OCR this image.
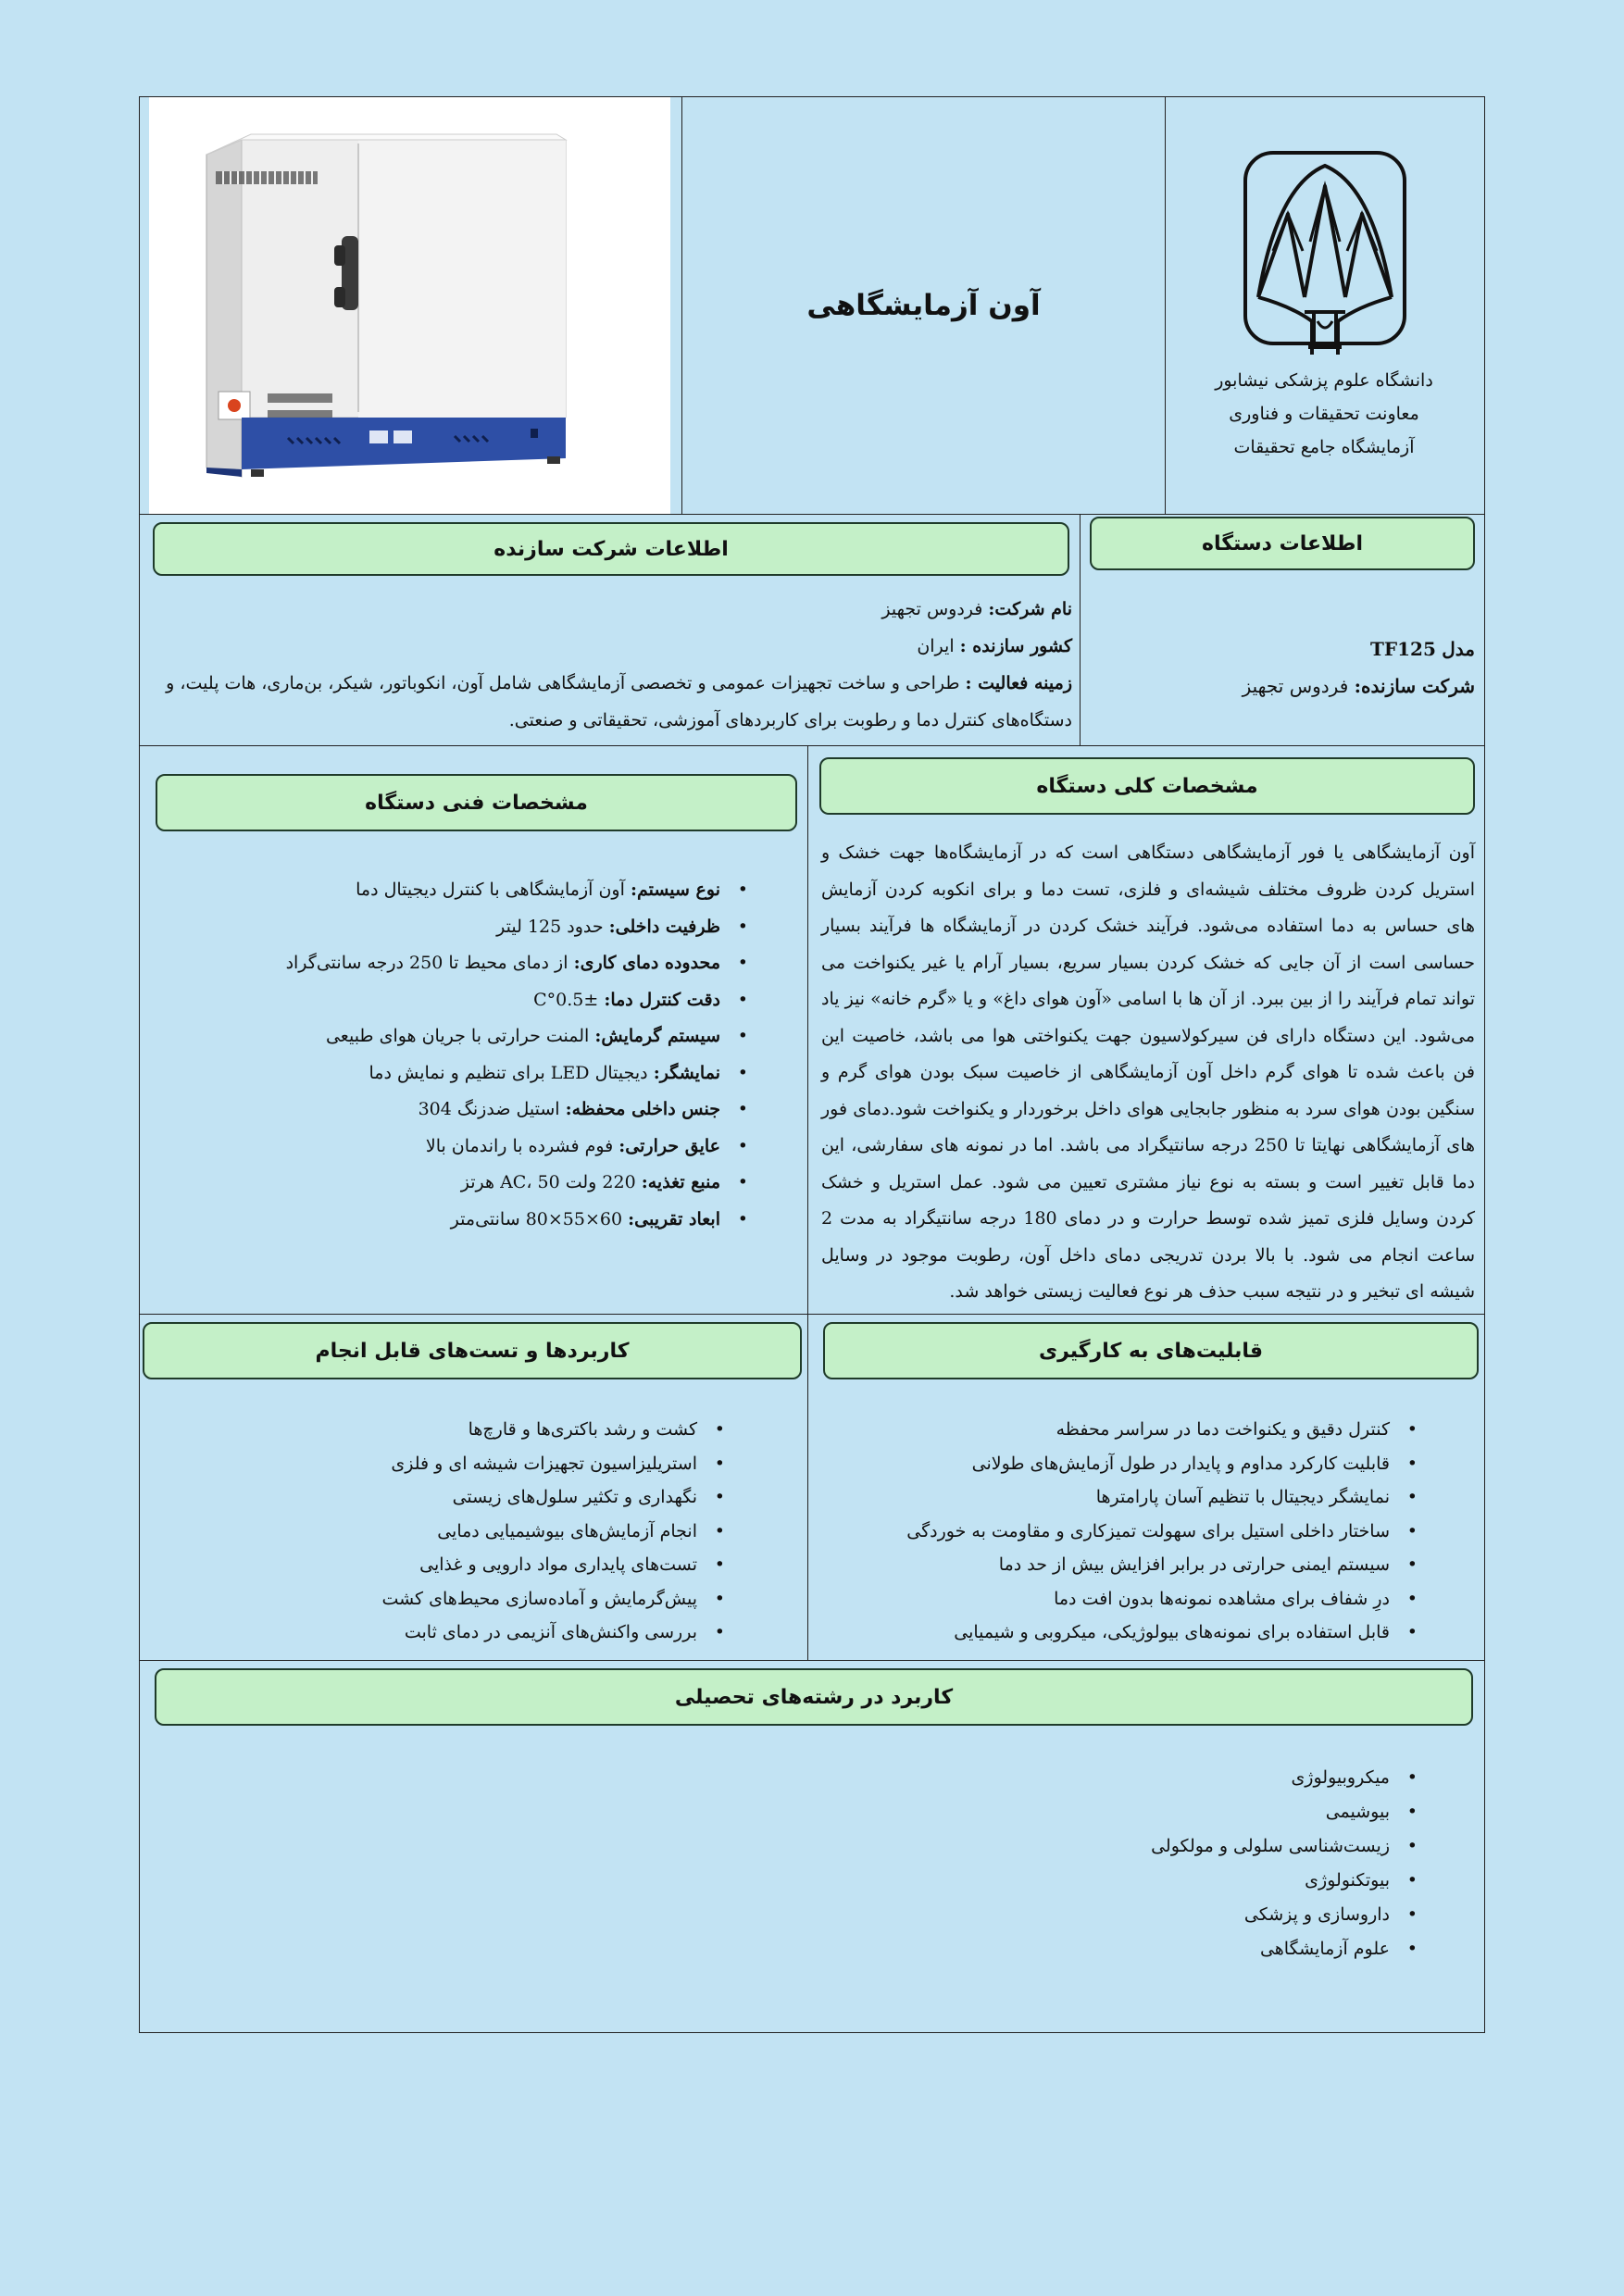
دانشگاه علوم پزشکی نیشابور
معاونت تحقیقات و فناوری
آزمایشگاه جامع تحقیقات
آون آزمایشگاهی
اطلاعات دستگاه
مدل TF125
شرکت سازنده: فردوس تجهیز
اطلاعات شرکت سازنده
نام شرکت: فردوس تجهیز
کشور سازنده : ایران
زمینه فعالیت : طراحی و ساخت تجهیزات عمومی و تخصصی آزمایشگاهی شامل آون، انکوباتور، شیکر، بن‌ماری، هات پلیت، و دستگاه‌های کنترل دما و رطوبت برای کاربردهای آموزشی، تحقیقاتی و صنعتی.
مشخصات کلی دستگاه

آون آزمایشگاهی یا فور آزمایشگاهی دستگاهی است که در آزمایشگاه‌ها جهت خشک و استریل کردن ظروف مختلف شیشه‌ای و فلزی، تست دما و برای انکوبه کردن آزمایش های حساس به دما استفاده می‌شود. فرآیند خشک کردن در آزمایشگاه ها فرآیند بسیار حساسی است از آن جایی که خشک کردن بسیار سریع، بسیار آرام یا غیر یکنواخت می تواند تمام فرآیند را از بین ببرد. از آن ها با اسامی «آون هوای داغ» و یا «گرم خانه» نیز یاد می‌شود. این دستگاه دارای فن سیرکولاسیون جهت یکنواختی هوا می باشد، خاصیت این فن باعث شده تا هوای گرم داخل آون آزمایشگاهی از خاصیت سبک بودن هوای گرم و سنگین بودن هوای سرد به منظور جابجایی هوای داخل برخوردار و یکنواخت شود.دمای فور های آزمایشگاهی نهایتا تا 250 درجه سانتیگراد می باشد. اما در نمونه های سفارشی، این دما قابل تغییر است و بسته به نوع نیاز مشتری تعیین می شود. عمل استریل و خشک کردن وسایل فلزی تمیز شده توسط حرارت و در دمای 180 درجه سانتیگراد به مدت 2 ساعت انجام می شود. با بالا بردن تدریجی دمای داخل آون، رطوبت موجود در وسایل شیشه ای تبخیر و در نتیجه سبب حذف هر نوع فعالیت زیستی خواهد شد.

مشخصات فنی دستگاه
• نوع سیستم: آون آزمایشگاهی با کنترل دیجیتال دما
• ظرفیت داخلی: حدود 125 لیتر
• محدوده دمای کاری: از دمای محیط تا 250 درجه سانتی‌گراد
• دقت کنترل دما: ±0.5°C
• سیستم گرمایش: المنت حرارتی با جریان هوای طبیعی
• نمایشگر: دیجیتال LED برای تنظیم و نمایش دما
• جنس داخلی محفظه: استیل ضدزنگ 304
• عایق حرارتی: فوم فشرده با راندمان بالا
• منبع تغذیه: 220 ولت AC، 50 هرتز
• ابعاد تقریبی: 60×55×80 سانتی‌متر
قابلیت‌های به کارگیری
• کنترل دقیق و یکنواخت دما در سراسر محفظه
• قابلیت کارکرد مداوم و پایدار در طول آزمایش‌های طولانی
• نمایشگر دیجیتال با تنظیم آسان پارامترها
• ساختار داخلی استیل برای سهولت تمیزکاری و مقاومت به خوردگی
• سیستم ایمنی حرارتی در برابر افزایش بیش از حد دما
• درِ شفاف برای مشاهده نمونه‌ها بدون افت دما
• قابل استفاده برای نمونه‌های بیولوژیکی، میکروبی و شیمیایی
کاربردها و تست‌های قابل انجام
• کشت و رشد باکتری‌ها و قارچ‌ها
• استریلیزاسیون تجهیزات شیشه ای و فلزی
• نگهداری و تکثیر سلول‌های زیستی
• انجام آزمایش‌های بیوشیمیایی دمایی
• تست‌های پایداری مواد دارویی و غذایی
• پیش‌گرمایش و آماده‌سازی محیط‌های کشت
• بررسی واکنش‌های آنزیمی در دمای ثابت
کاربرد در رشته‌های تحصیلی
• میکروبیولوژی
• بیوشیمی
• زیست‌شناسی سلولی و مولکولی
• بیوتکنولوژی
• داروسازی و پزشکی
• علوم آزمایشگاهی
